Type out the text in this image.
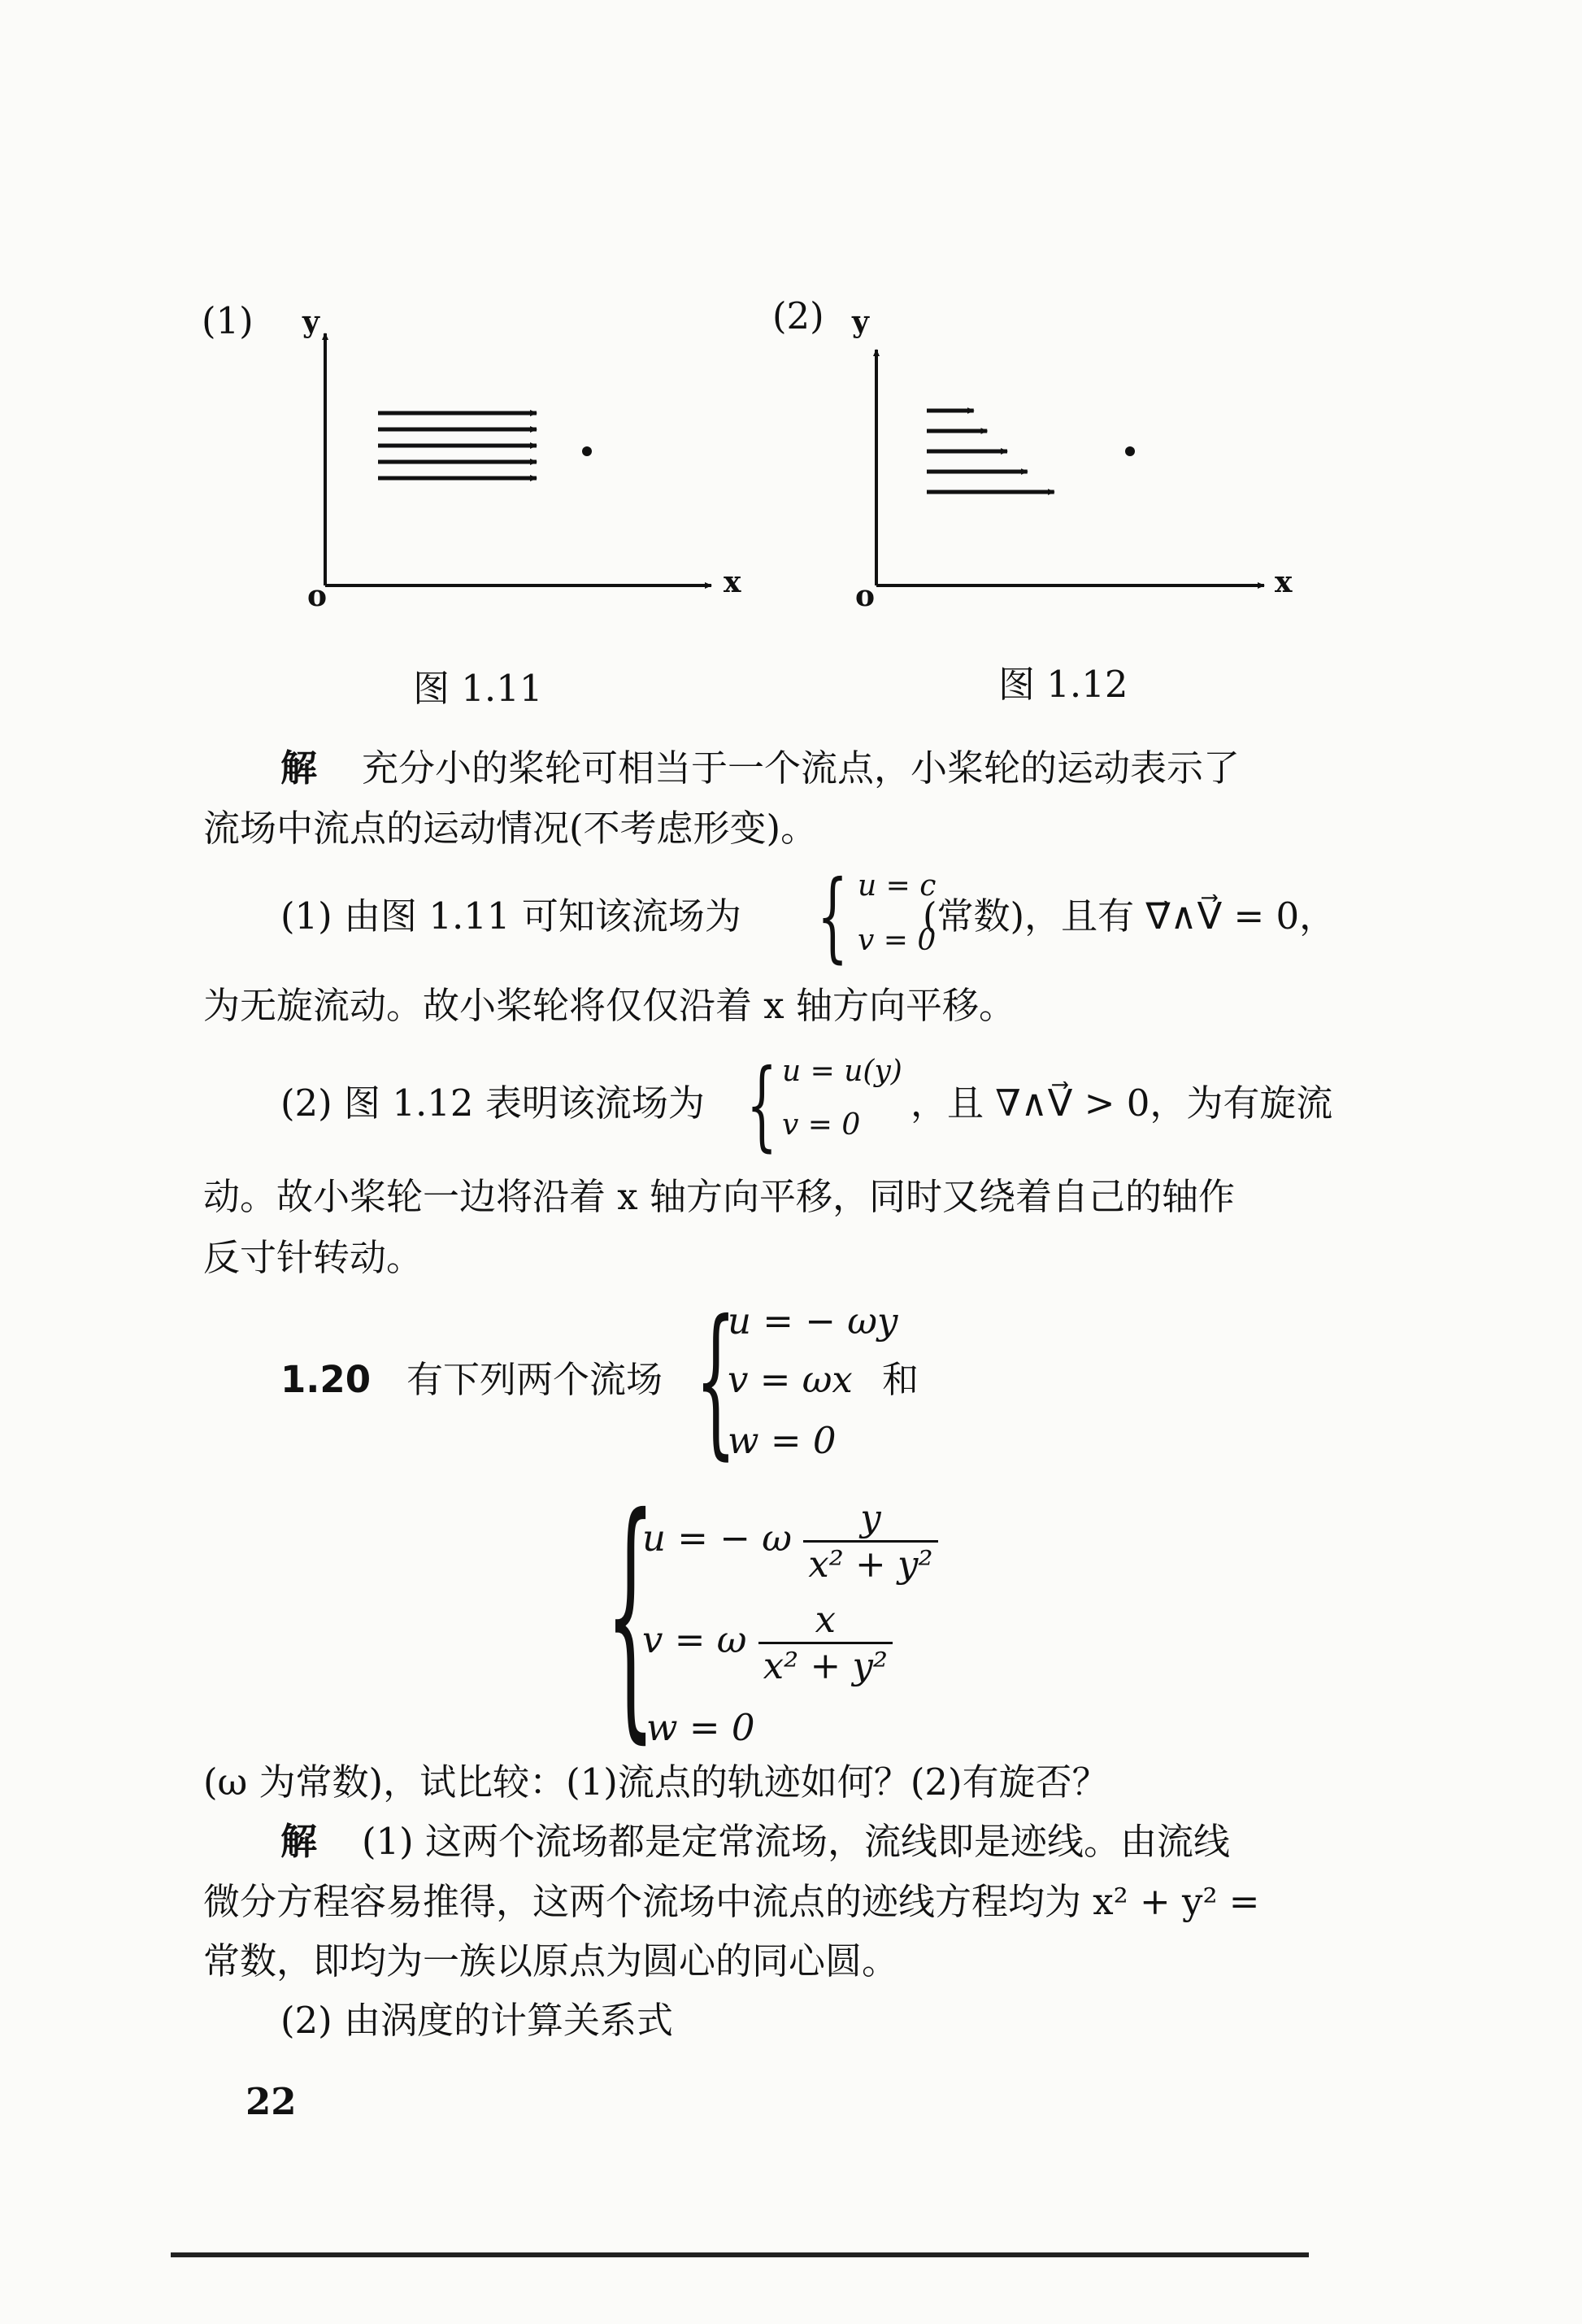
(1) y
o	x
图 1.11
(2) y
o	x
图 1.12
解 充分小的桨轮可相当于一个流点，小桨轮的运动表示了
流场中流点的运动情况(不考虑形变)。
(1) 由图 1.11 可知该流场为 { u = c
v = 0
(常数)，且有 ∇⃗∧V⃗ = 0，
为无旋流动。故小桨轮将仅仅沿着 x 轴方向平移。
(2) 图 1.12 表明该流场为 { u = u(y)
v = 0
，且 ∇∧V⃗ > 0，为有旋流
动。故小桨轮一边将沿着 x 轴方向平移，同时又绕着自己的轴作
反寸针转动。
1.20 有下列两个流场 {
u = − ωy
v = ωx
w = 0
和
{
u = − ω $\frac{y}{\text{x² + y²}}$
v = ω $\frac{x}{\text{x² + y²}}$
w = 0
(ω 为常数)，试比较：(1)流点的轨迹如何？(2)有旋否？
解 (1) 这两个流场都是定常流场，流线即是迹线。由流线
微分方程容易推得，这两个流场中流点的迹线方程均为 x² + y² =
常数，即均为一族以原点为圆心的同心圆。
(2) 由涡度的计算关系式
22
